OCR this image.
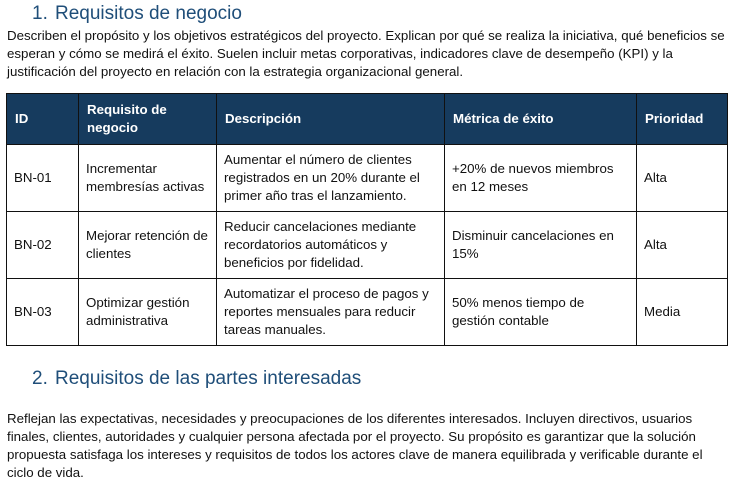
1. Requisitos de negocio

Describen el propósito y los objetivos estratégicos del proyecto. Explican por qué se realiza la iniciativa, qué beneficios se esperan y cómo se medirá el éxito. Suelen incluir metas corporativas, indicadores clave de desempeño (KPI) y la justificación del proyecto en relación con la estrategia organizacional general.

ID	Requisito de negocio	Descripción	Métrica de éxito	Prioridad
BN-01	Incrementar membresías activas	Aumentar el número de clientes registrados en un 20% durante el primer año tras el lanzamiento.	+20% de nuevos miembros en 12 meses	Alta
BN-02	Mejorar retención de clientes	Reducir cancelaciones mediante recordatorios automáticos y beneficios por fidelidad.	Disminuir cancelaciones en 15%	Alta
BN-03	Optimizar gestión administrativa	Automatizar el proceso de pagos y reportes mensuales para reducir tareas manuales.	50% menos tiempo de gestión contable	Media
2. Requisitos de las partes interesadas

Reflejan las expectativas, necesidades y preocupaciones de los diferentes interesados. Incluyen directivos, usuarios finales, clientes, autoridades y cualquier persona afectada por el proyecto. Su propósito es garantizar que la solución propuesta satisfaga los intereses y requisitos de todos los actores clave de manera equilibrada y verificable durante el ciclo de vida.
